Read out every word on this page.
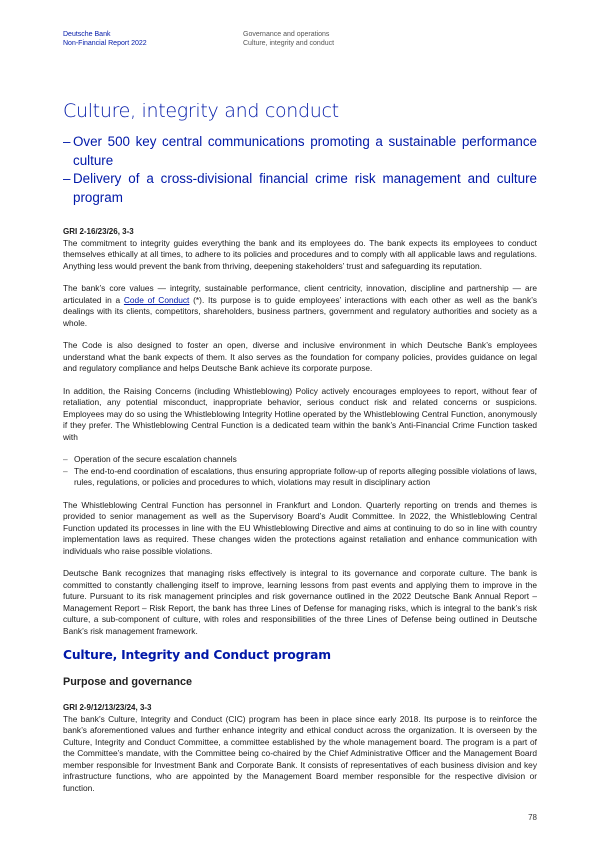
Deutsche Bank
Non-Financial Report 2022
Governance and operations
Culture, integrity and conduct
Culture, integrity and conduct
– Over 500 key central communications promoting a sustainable performance culture
– Delivery of a cross-divisional financial crime risk management and culture program

GRI 2-16/23/26, 3-3

The commitment to integrity guides everything the bank and its employees do. The bank expects its employees to conduct themselves ethically at all times, to adhere to its policies and procedures and to comply with all applicable laws and regulations. Anything less would prevent the bank from thriving, deepening stakeholders’ trust and safeguarding its reputation.

The bank’s core values — integrity, sustainable performance, client centricity, innovation, discipline and partnership — are articulated in a Code of Conduct (*). Its purpose is to guide employees’ interactions with each other as well as the bank’s dealings with its clients, competitors, shareholders, business partners, government and regulatory authorities and society as a whole.

The Code is also designed to foster an open, diverse and inclusive environment in which Deutsche Bank’s employees understand what the bank expects of them. It also serves as the foundation for company policies, provides guidance on legal and regulatory compliance and helps Deutsche Bank achieve its corporate purpose.

In addition, the Raising Concerns (including Whistleblowing) Policy actively encourages employees to report, without fear of retaliation, any potential misconduct, inappropriate behavior, serious conduct risk and related concerns or suspicions. Employees may do so using the Whistleblowing Integrity Hotline operated by the Whistleblowing Central Function, anonymously if they prefer. The Whistleblowing Central Function is a dedicated team within the bank’s Anti-Financial Crime Function tasked with

– Operation of the secure escalation channels
– The end-to-end coordination of escalations, thus ensuring appropriate follow-up of reports alleging possible violations of laws, rules, regulations, or policies and procedures to which, violations may result in disciplinary action

The Whistleblowing Central Function has personnel in Frankfurt and London. Quarterly reporting on trends and themes is provided to senior management as well as the Supervisory Board’s Audit Committee. In 2022, the Whistleblowing Central Function updated its processes in line with the EU Whistleblowing Directive and aims at continuing to do so in line with country implementation laws as required. These changes widen the protections against retaliation and enhance communication with individuals who raise possible violations.

Deutsche Bank recognizes that managing risks effectively is integral to its governance and corporate culture. The bank is committed to constantly challenging itself to improve, learning lessons from past events and applying them to improve in the future. Pursuant to its risk management principles and risk governance outlined in the 2022 Deutsche Bank Annual Report – Management Report – Risk Report, the bank has three Lines of Defense for managing risks, which is integral to the bank’s risk culture, a sub-component of culture, with roles and responsibilities of the three Lines of Defense being outlined in Deutsche Bank’s risk management framework.

Culture, Integrity and Conduct program
Purpose and governance

GRI 2-9/12/13/23/24, 3-3

The bank’s Culture, Integrity and Conduct (CIC) program has been in place since early 2018. Its purpose is to reinforce the bank’s aforementioned values and further enhance integrity and ethical conduct across the organization. It is overseen by the Culture, Integrity and Conduct Committee, a committee established by the whole management board. The program is a part of the Committee’s mandate, with the Committee being co-chaired by the Chief Administrative Officer and the Management Board member responsible for Investment Bank and Corporate Bank. It consists of representatives of each business division and key infrastructure functions, who are appointed by the Management Board member responsible for the respective division or function.

78
